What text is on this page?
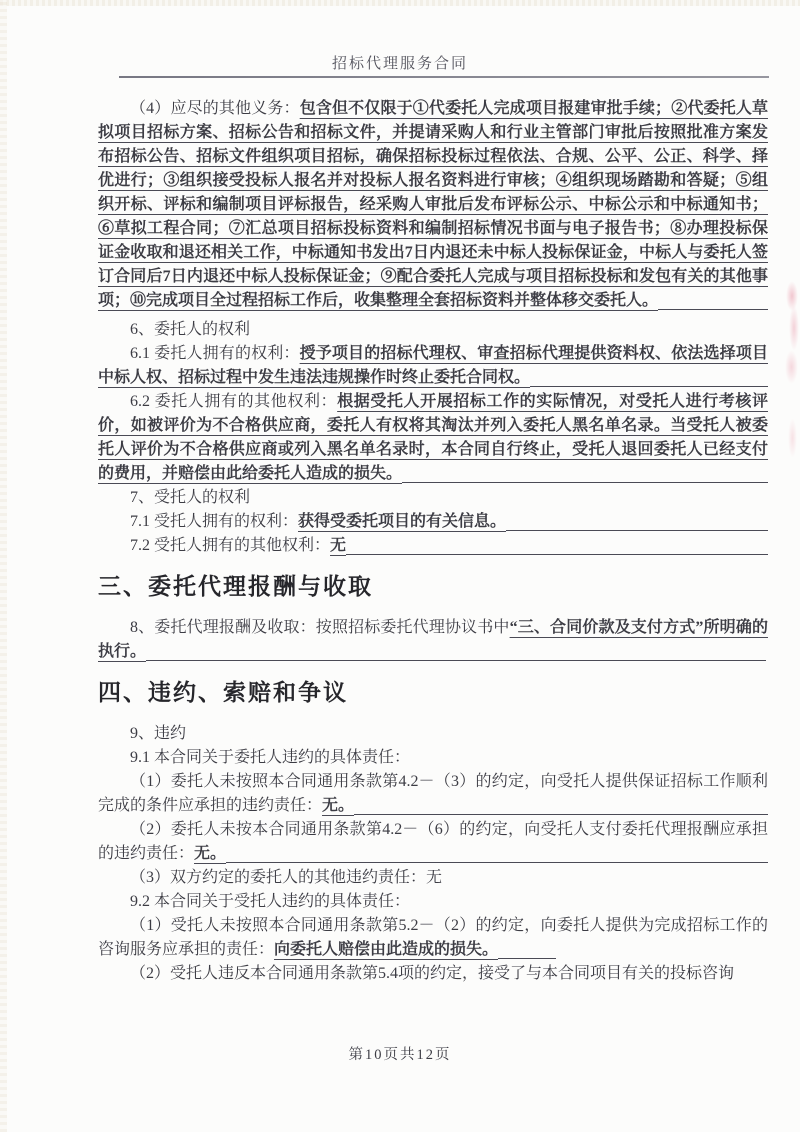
招标代理服务合同

（4）应尽的其他义务：包含但不仅限于①代委托人完成项目报建审批手续；②代委托人草拟项目招标方案、招标公告和招标文件，并提请采购人和行业主管部门审批后按照批准方案发布招标公告、招标文件组织项目招标，确保招标投标过程依法、合规、公平、公正、科学、择优进行；③组织接受投标人报名并对投标人报名资料进行审核；④组织现场踏勘和答疑；⑤组织开标、评标和编制项目评标报告，经采购人审批后发布评标公示、中标公示和中标通知书；⑥草拟工程合同；⑦汇总项目招标投标资料和编制招标情况书面与电子报告书；⑧办理投标保证金收取和退还相关工作，中标通知书发出7日内退还未中标人投标保证金，中标人与委托人签订合同后7日内退还中标人投标保证金；⑨配合委托人完成与项目招标投标和发包有关的其他事项；⑩完成项目全过程招标工作后，收集整理全套招标资料并整体移交委托人。

6、委托人的权利

6.1 委托人拥有的权利：授予项目的招标代理权、审查招标代理提供资料权、依法选择项目中标人权、招标过程中发生违法违规操作时终止委托合同权。

6.2 委托人拥有的其他权利：根据受托人开展招标工作的实际情况，对受托人进行考核评价，如被评价为不合格供应商，委托人有权将其淘汰并列入委托人黑名单名录。当受托人被委托人评价为不合格供应商或列入黑名单名录时，本合同自行终止，受托人退回委托人已经支付的费用，并赔偿由此给委托人造成的损失。

7、受托人的权利

7.1 受托人拥有的权利：获得受委托项目的有关信息。

7.2 受托人拥有的其他权利：无

三、委托代理报酬与收取

8、委托代理报酬及收取：按照招标委托代理协议书中“三、合同价款及支付方式”所明确的执行。

四、违约、索赔和争议

9、违约

9.1 本合同关于委托人违约的具体责任：

（1）委托人未按照本合同通用条款第4.2－（3）的约定，向受托人提供保证招标工作顺利完成的条件应承担的违约责任：无。

（2）委托人未按本合同通用条款第4.2－（6）的约定，向受托人支付委托代理报酬应承担的违约责任：无。

（3）双方约定的委托人的其他违约责任：无

9.2 本合同关于受托人违约的具体责任：

（1）受托人未按照本合同通用条款第5.2－（2）的约定，向委托人提供为完成招标工作的咨询服务应承担的责任：向委托人赔偿由此造成的损失。

（2）受托人违反本合同通用条款第5.4项的约定，接受了与本合同项目有关的投标咨询

第10页共12页
